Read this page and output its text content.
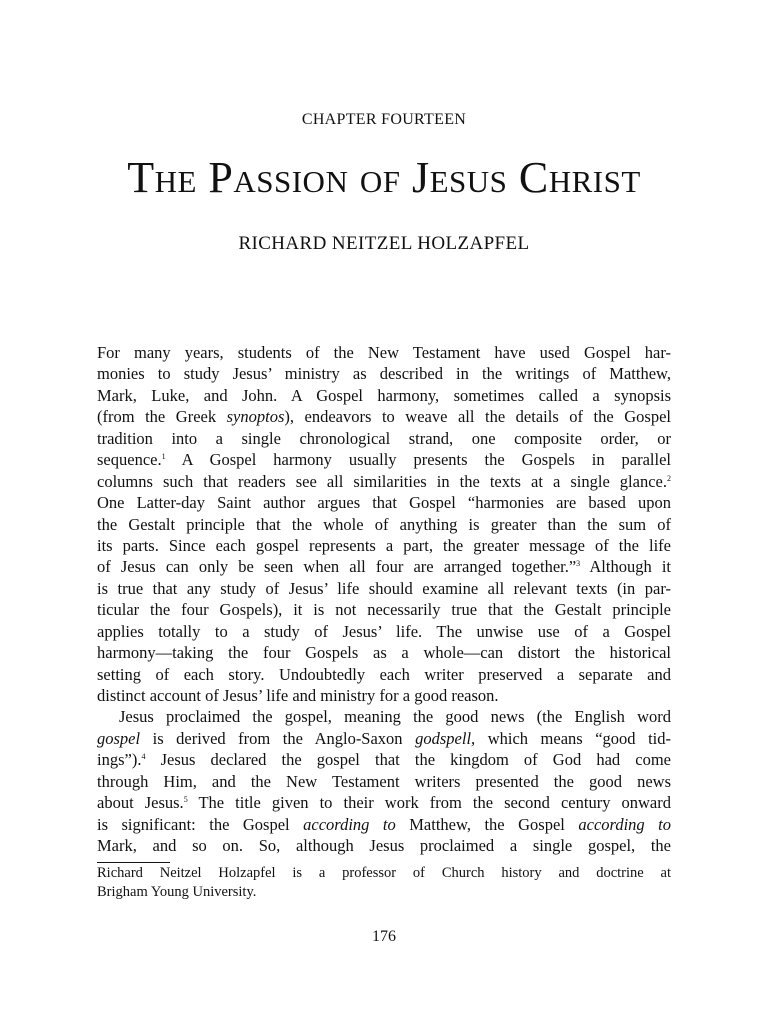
CHAPTER FOURTEEN
The Passion of Jesus Christ
RICHARD NEITZEL HOLZAPFEL
For many years, students of the New Testament have used Gospel har-
monies to study Jesus’ ministry as described in the writings of Matthew,
Mark, Luke, and John. A Gospel harmony, sometimes called a synopsis
(from the Greek synoptos), endeavors to weave all the details of the Gospel
tradition into a single chronological strand, one composite order, or
sequence.$^1$ A Gospel harmony usually presents the Gospels in parallel
columns such that readers see all similarities in the texts at a single glance.$^2$
One Latter-day Saint author argues that Gospel “harmonies are based upon
the Gestalt principle that the whole of anything is greater than the sum of
its parts. Since each gospel represents a part, the greater message of the life
of Jesus can only be seen when all four are arranged together.”$^3$ Although it
is true that any study of Jesus’ life should examine all relevant texts (in par-
ticular the four Gospels), it is not necessarily true that the Gestalt principle
applies totally to a study of Jesus’ life. The unwise use of a Gospel
harmony—taking the four Gospels as a whole—can distort the historical
setting of each story. Undoubtedly each writer preserved a separate and
distinct account of Jesus’ life and ministry for a good reason.
Jesus proclaimed the gospel, meaning the good news (the English word
gospel is derived from the Anglo-Saxon godspell, which means “good tid-
ings”).$^4$ Jesus declared the gospel that the kingdom of God had come
through Him, and the New Testament writers presented the good news
about Jesus.$^5$ The title given to their work from the second century onward
is significant: the Gospel according to Matthew, the Gospel according to
Mark, and so on. So, although Jesus proclaimed a single gospel, the
Richard Neitzel Holzapfel is a professor of Church history and doctrine at
Brigham Young University.
176
